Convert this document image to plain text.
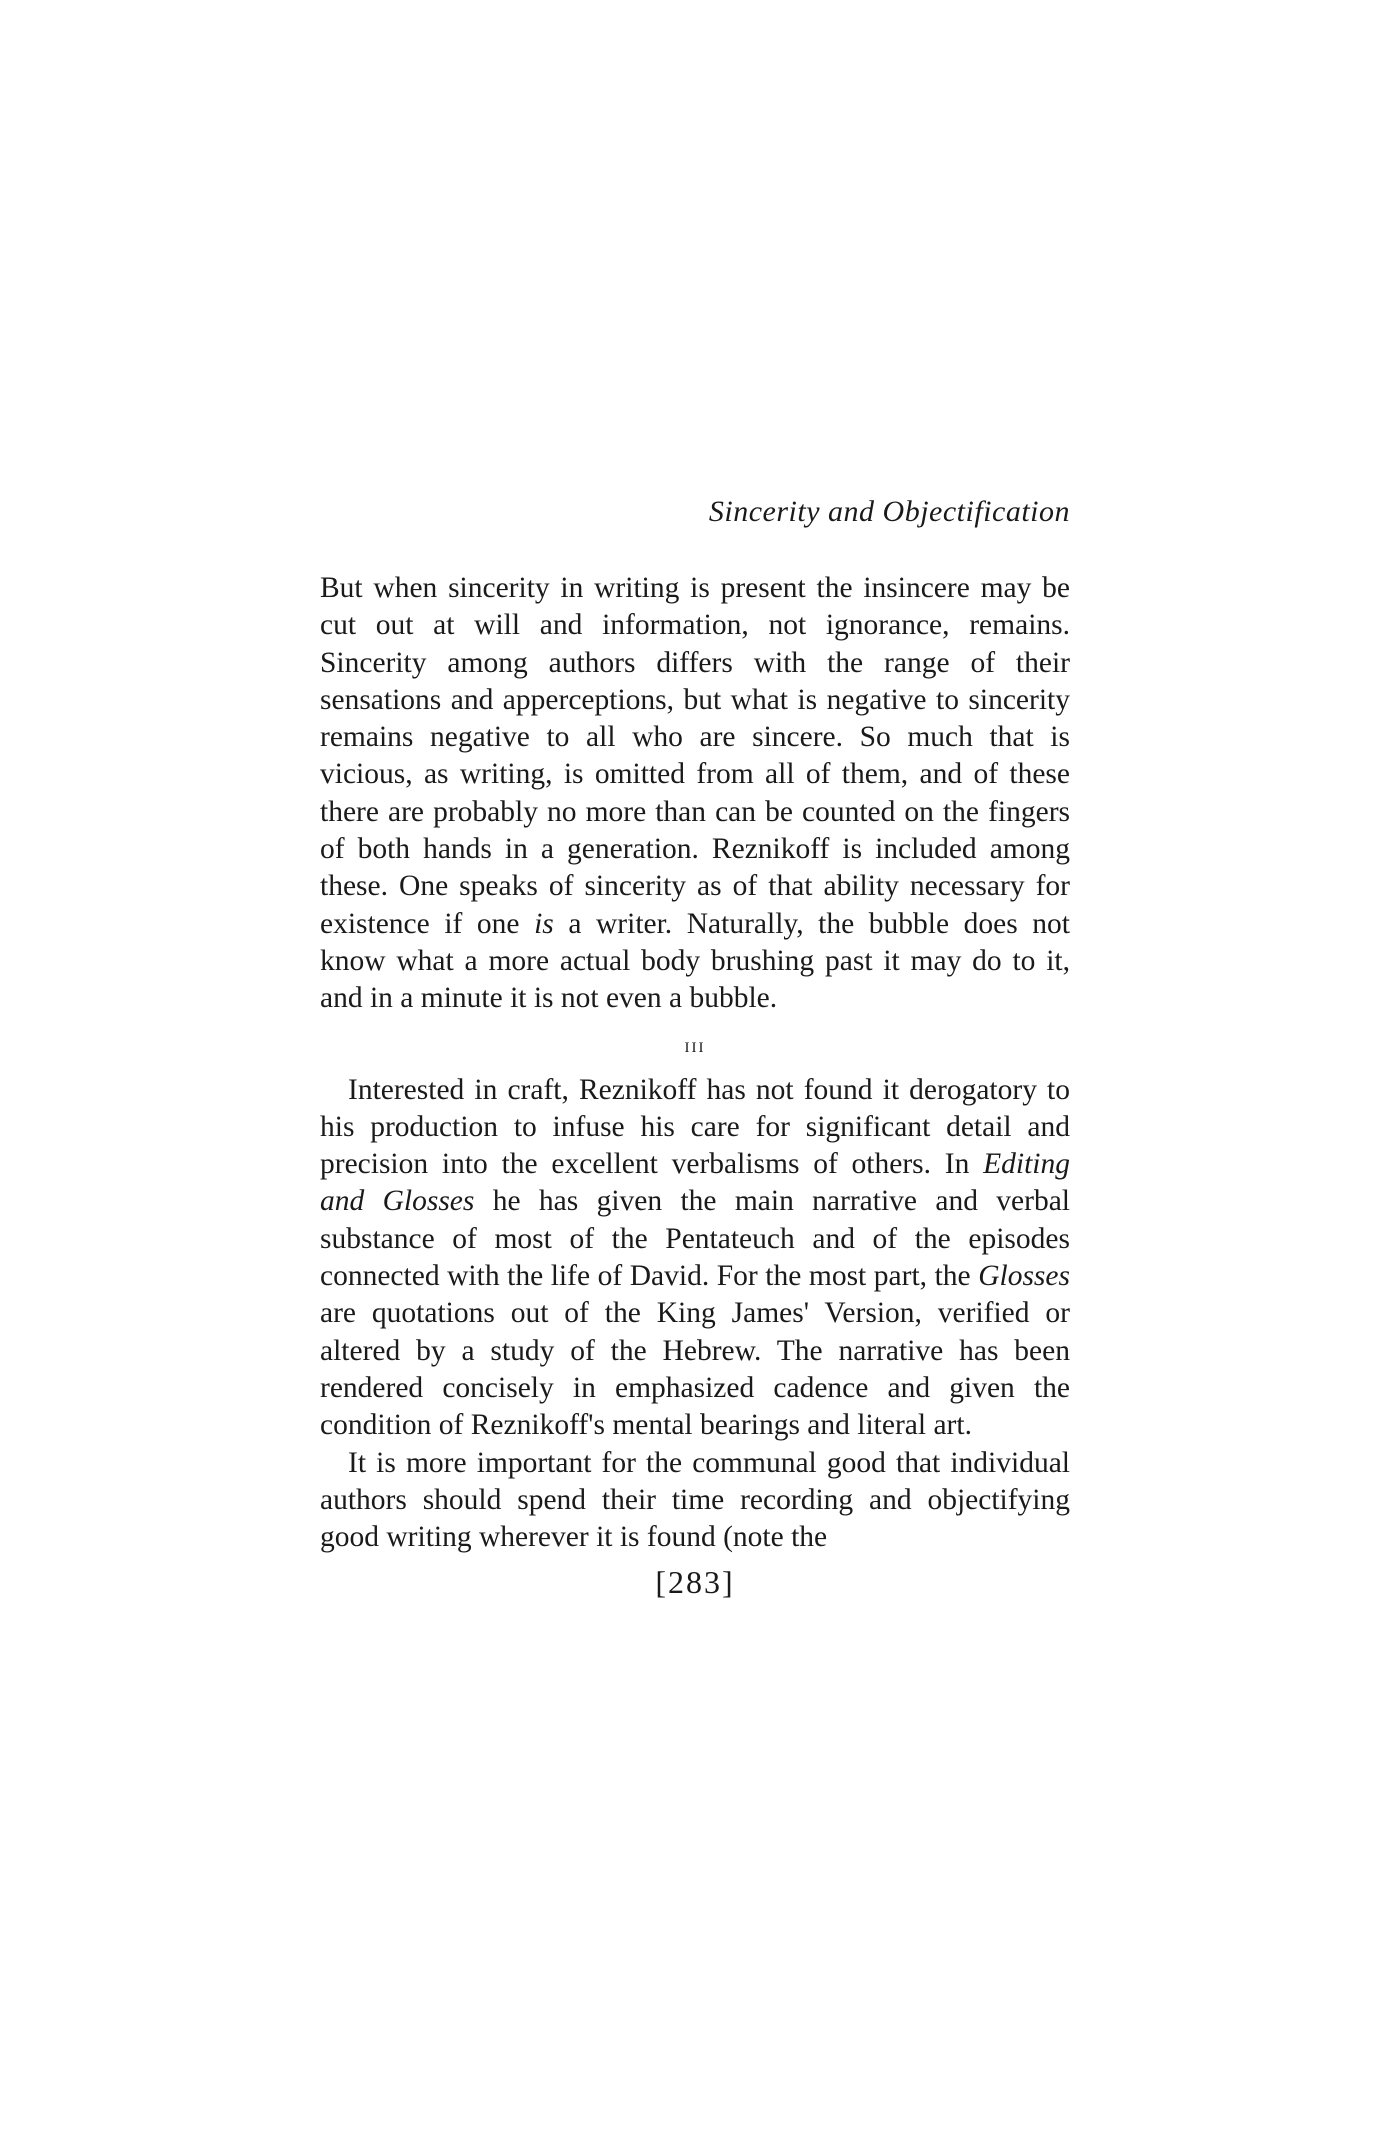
Sincerity and Objectification

But when sincerity in writing is present the insincere may be cut out at will and information, not ignorance, remains. Sincerity among authors differs with the range of their sensations and apperceptions, but what is negative to sincerity remains negative to all who are sincere. So much that is vicious, as writing, is omitted from all of them, and of these there are probably no more than can be counted on the fingers of both hands in a generation. Reznikoff is included among these. One speaks of sincerity as of that ability necessary for existence if one is a writer. Naturally, the bubble does not know what a more actual body brushing past it may do to it, and in a minute it is not even a bubble.

iii

Interested in craft, Reznikoff has not found it derogatory to his production to infuse his care for significant detail and precision into the excellent verbalisms of others. In Editing and Glosses he has given the main narrative and verbal substance of most of the Pentateuch and of the episodes connected with the life of David. For the most part, the Glosses are quotations out of the King James' Version, verified or altered by a study of the Hebrew. The narrative has been rendered concisely in emphasized cadence and given the condition of Reznikoff's mental bearings and literal art.

It is more important for the communal good that individual authors should spend their time recording and objectifying good writing wherever it is found (note the

[283]
